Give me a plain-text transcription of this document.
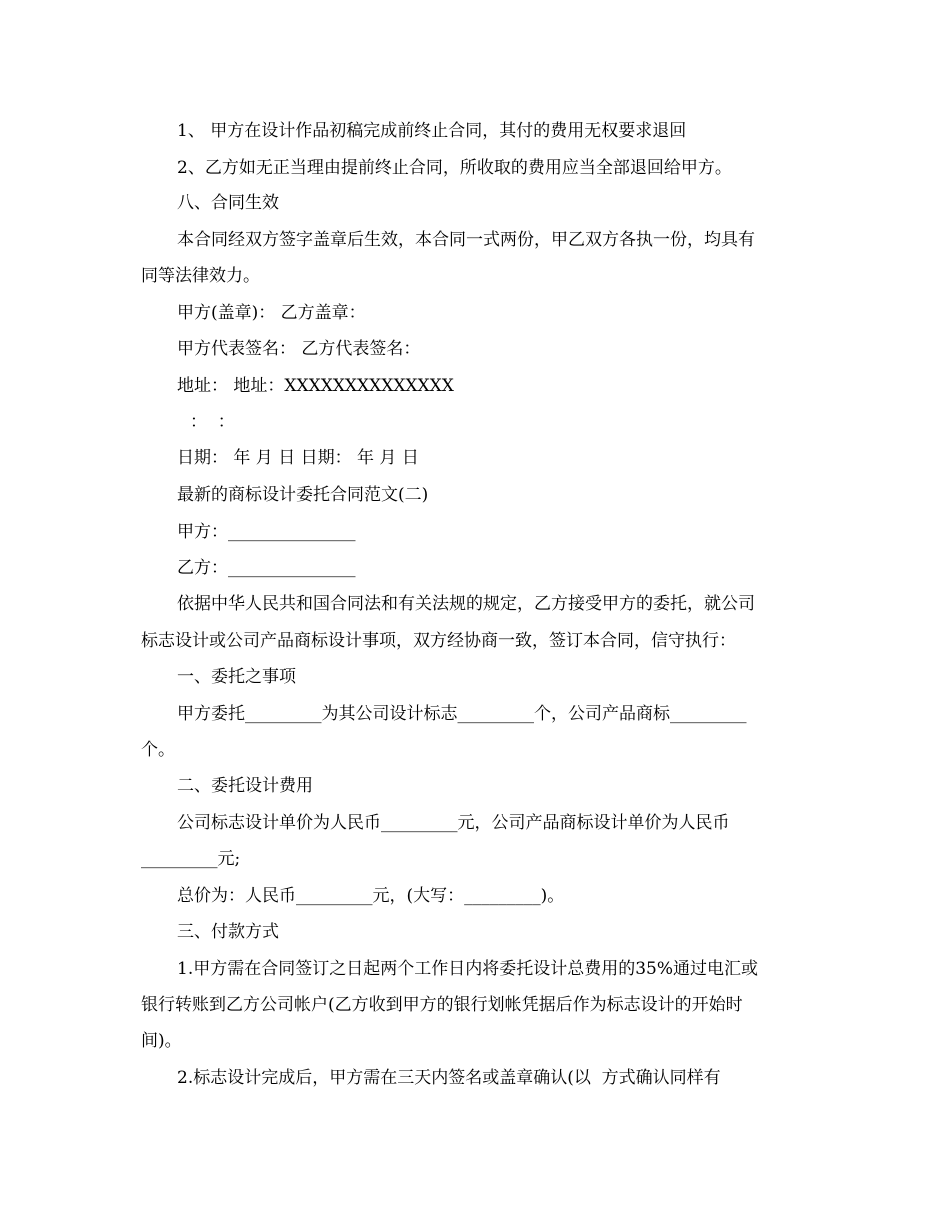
1、 甲方在设计作品初稿完成前终止合同，其付的费用无权要求退回
2、乙方如无正当理由提前终止合同，所收取的费用应当全部退回给甲方。
八、合同生效
本合同经双方签字盖章后生效，本合同一式两份，甲乙双方各执一份，均具有
同等法律效力。
甲方(盖章)： 乙方盖章：
甲方代表签名： 乙方代表签名：
地址： 地址：XXXXXXXXXXXXXX
：  ：
日期： 年 月 日 日期： 年 月 日
最新的商标设计委托合同范文(二)
甲方：_______________
乙方：_______________
依据中华人民共和国合同法和有关法规的规定，乙方接受甲方的委托，就公司
标志设计或公司产品商标设计事项，双方经协商一致，签订本合同，信守执行：
一、委托之事项
甲方委托_________为其公司设计标志_________个，公司产品商标_________
个。
二、委托设计费用
公司标志设计单价为人民币_________元，公司产品商标设计单价为人民币
_________元;
总价为：人民币_________元，(大写：_________)。
三、付款方式
1.甲方需在合同签订之日起两个工作日内将委托设计总费用的35%通过电汇或
银行转账到乙方公司帐户(乙方收到甲方的银行划帐凭据后作为标志设计的开始时
间)。
2.标志设计完成后，甲方需在三天内签名或盖章确认(以  方式确认同样有
